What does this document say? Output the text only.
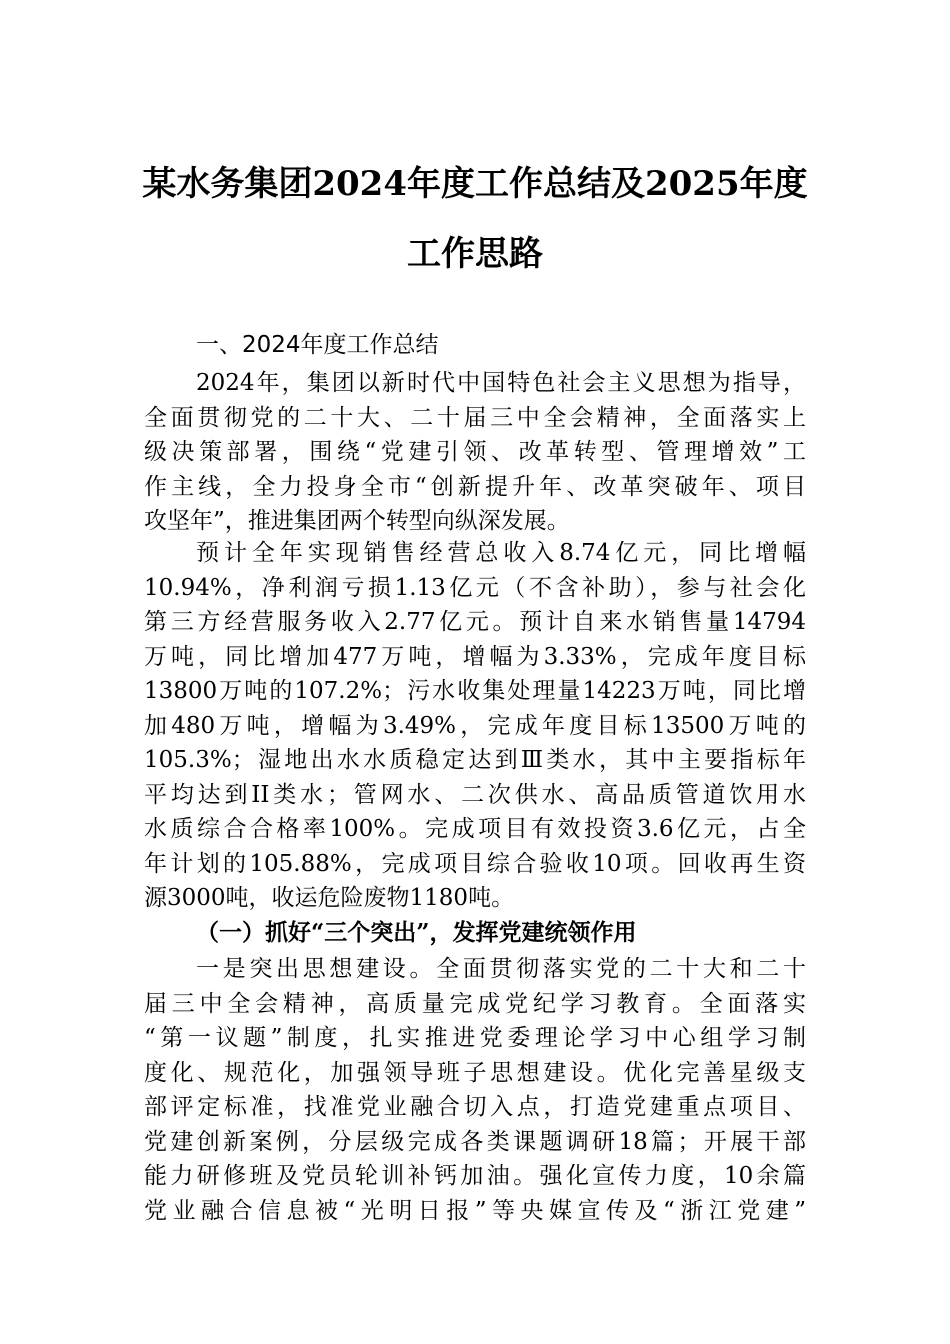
某水务集团2024年度工作总结及2025年度
工作思路
一、2024年度工作总结
2024年，集团以新时代中国特色社会主义思想为指导，
全面贯彻党的二十大、二十届三中全会精神，全面落实上
级决策部署，围绕“党建引领、改革转型、管理增效”工
作主线，全力投身全市“创新提升年、改革突破年、项目
攻坚年”，推进集团两个转型向纵深发展。
预计全年实现销售经营总收入8.74亿元，同比增幅
10.94%，净利润亏损1.13亿元（不含补助），参与社会化
第三方经营服务收入2.77亿元。预计自来水销售量14794
万吨，同比增加477万吨，增幅为3.33%，完成年度目标
13800万吨的107.2%；污水收集处理量14223万吨，同比增
加480万吨，增幅为3.49%，完成年度目标13500万吨的
105.3%；湿地出水水质稳定达到Ⅲ类水，其中主要指标年
平均达到II类水；管网水、二次供水、高品质管道饮用水
水质综合合格率100%。完成项目有效投资3.6亿元，占全
年计划的105.88%，完成项目综合验收10项。回收再生资
源3000吨，收运危险废物1180吨。
（一）抓好“三个突出”，发挥党建统领作用
一是突出思想建设。全面贯彻落实党的二十大和二十
届三中全会精神，高质量完成党纪学习教育。全面落实
“第一议题”制度，扎实推进党委理论学习中心组学习制
度化、规范化，加强领导班子思想建设。优化完善星级支
部评定标准，找准党业融合切入点，打造党建重点项目、
党建创新案例，分层级完成各类课题调研18篇；开展干部
能力研修班及党员轮训补钙加油。强化宣传力度，10余篇
党业融合信息被“光明日报”等央媒宣传及“浙江党建”
